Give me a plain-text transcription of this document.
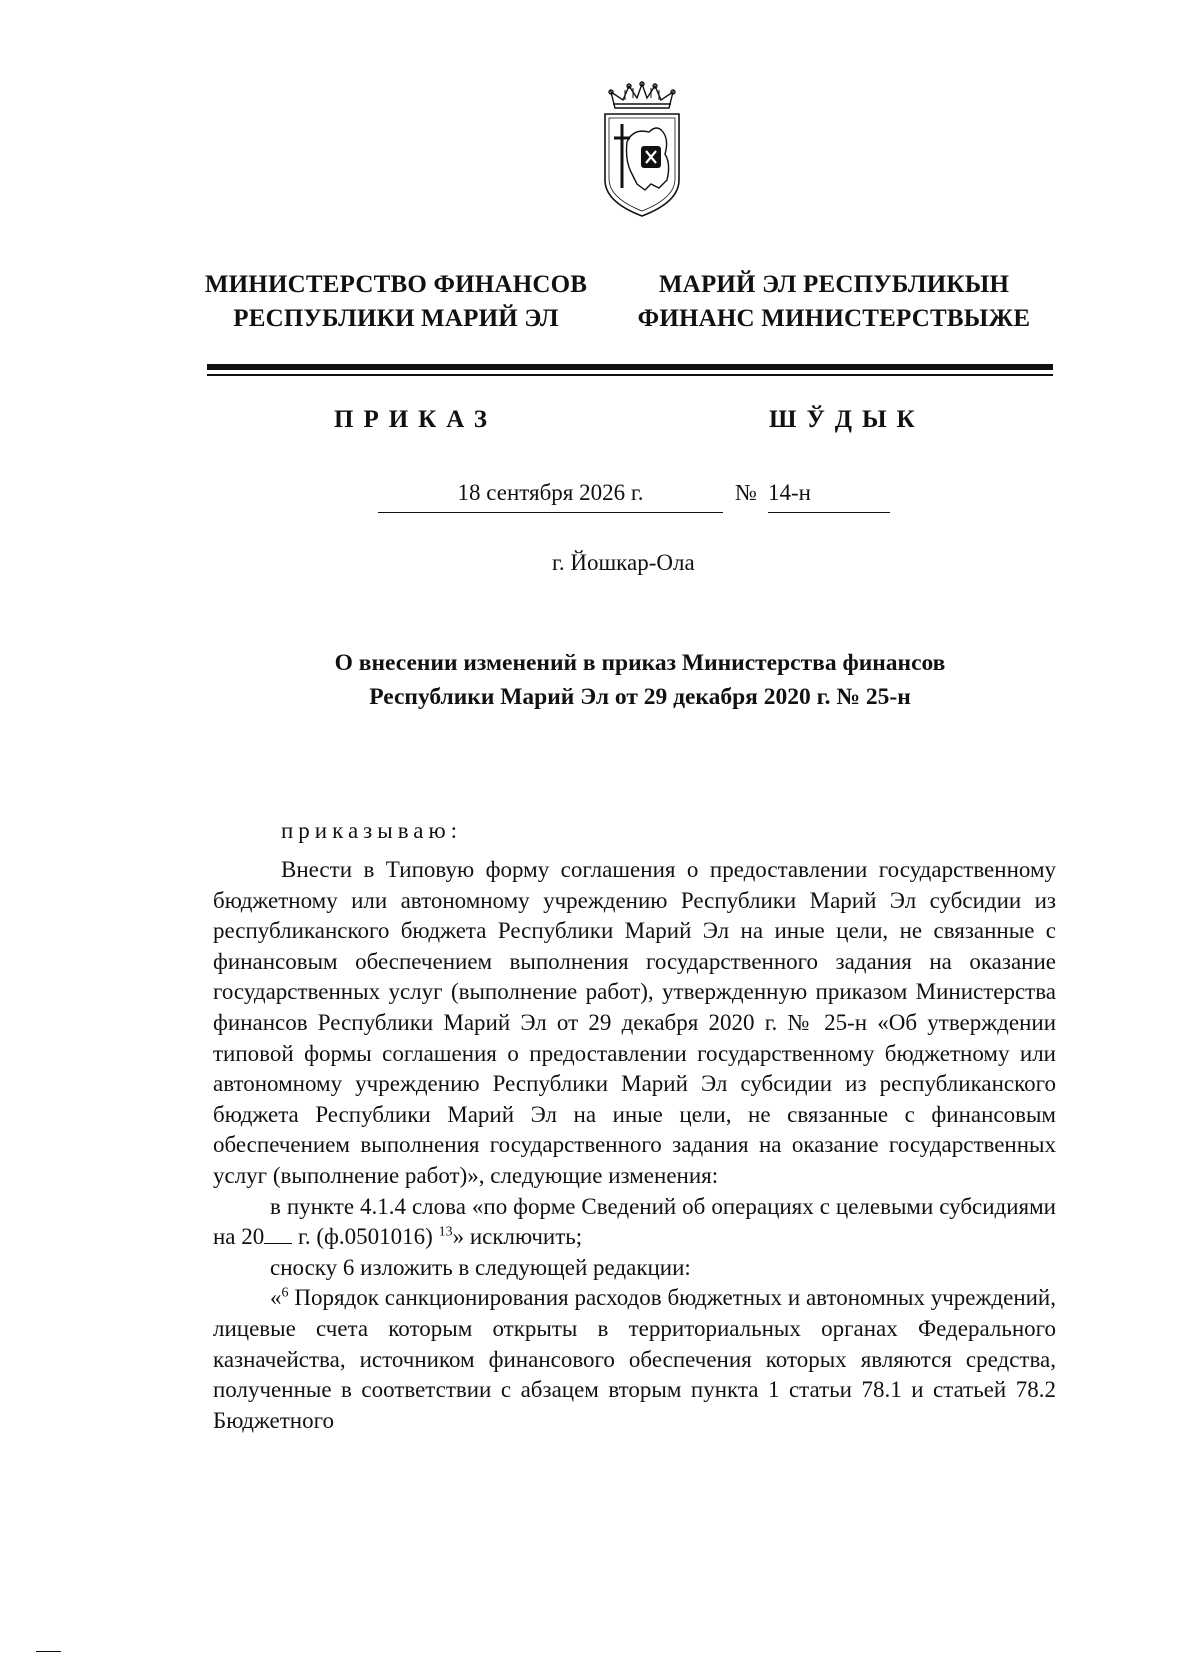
МИНИСТЕРСТВО ФИНАНСОВ
РЕСПУБЛИКИ МАРИЙ ЭЛ
МАРИЙ ЭЛ РЕСПУБЛИКЫН
ФИНАНС МИНИСТЕРСТВЫЖЕ
ПРИКАЗ	ШЎДЫК
18 сентября 2026 г.	№ 14-н
г. Йошкар-Ола
О внесении изменений в приказ Министерства финансов
Республики Марий Эл от 29 декабря 2020 г. № 25-н
приказываю:

Внести в Типовую форму соглашения о предоставлении государственному бюджетному или автономному учреждению Республики Марий Эл субсидии из республиканского бюджета Республики Марий Эл на иные цели, не связанные с финансовым обеспечением выполнения государственного задания на оказание государственных услуг (выполнение работ), утвержденную приказом Министерства финансов Республики Марий Эл от 29 декабря 2020 г. № 25-н «Об утверждении типовой формы соглашения о предоставлении государственному бюджетному или автономному учреждению Республики Марий Эл субсидии из республиканского бюджета Республики Марий Эл на иные цели, не связанные с финансовым обеспечением выполнения государственного задания на оказание государственных услуг (выполнение работ)», следующие изменения:

в пункте 4.1.4 слова «по форме Сведений об операциях с целевыми субсидиями на 20 г. (ф.0501016) $^{13}$» исключить;

сноску 6 изложить в следующей редакции:

«$^6$ Порядок санкционирования расходов бюджетных и автономных учреждений, лицевые счета которым открыты в территориальных органах Федерального казначейства, источником финансового обеспечения которых являются средства, полученные в соответствии с абзацем вторым пункта 1 статьи 78.1 и статьей 78.2 Бюджетного
